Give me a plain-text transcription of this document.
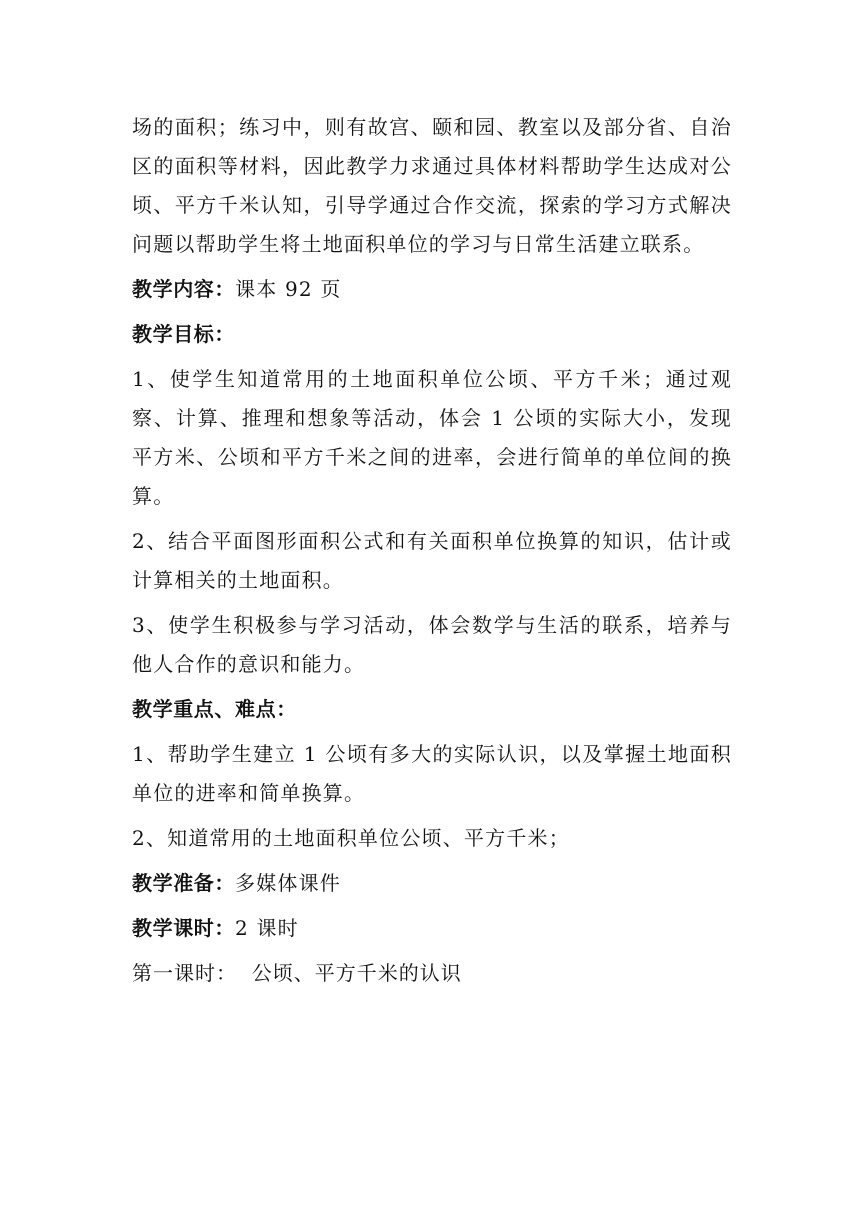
场的面积；练习中，则有故宫、颐和园、教室以及部分省、自治区的面积等材料，因此教学力求通过具体材料帮助学生达成对公顷、平方千米认知，引导学通过合作交流，探索的学习方式解决问题以帮助学生将土地面积单位的学习与日常生活建立联系。

教学内容：课本 92 页

教学目标：

1、使学生知道常用的土地面积单位公顷、平方千米；通过观察、计算、推理和想象等活动，体会 1 公顷的实际大小，发现平方米、公顷和平方千米之间的进率，会进行简单的单位间的换算。

2、结合平面图形面积公式和有关面积单位换算的知识，估计或计算相关的土地面积。

3、使学生积极参与学习活动，体会数学与生活的联系，培养与他人合作的意识和能力。

教学重点、难点：

1、帮助学生建立 1 公顷有多大的实际认识，以及掌握土地面积单位的进率和简单换算。

2、知道常用的土地面积单位公顷、平方千米；

教学准备：多媒体课件

教学课时：2 课时

第一课时：  公顷、平方千米的认识
